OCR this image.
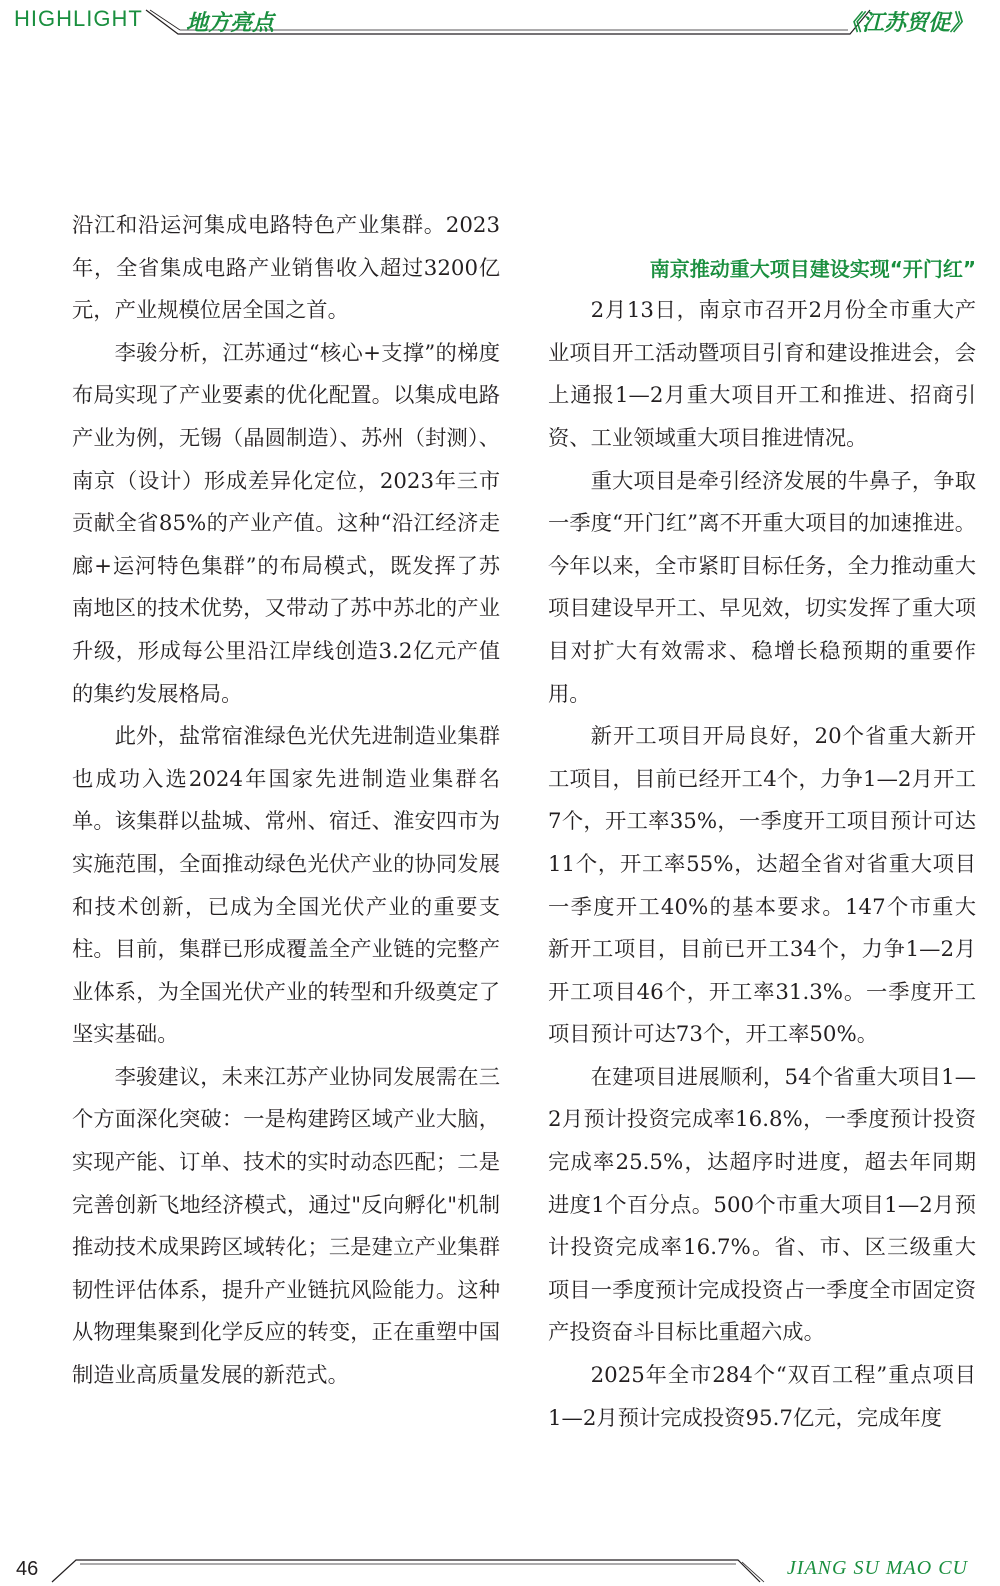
HIGHLIGHT 地方亮点	《江苏贸促》

沿江和沿运河集成电路特色产业集群。2023年，全省集成电路产业销售收入超过3200亿元，产业规模位居全国之首。

李骏分析，江苏通过“核心+支撑”的梯度布局实现了产业要素的优化配置。以集成电路产业为例，无锡（晶圆制造）、苏州（封测）、南京（设计）形成差异化定位，2023年三市贡献全省85%的产业产值。这种“沿江经济走廊+运河特色集群”的布局模式，既发挥了苏南地区的技术优势，又带动了苏中苏北的产业升级，形成每公里沿江岸线创造3.2亿元产值的集约发展格局。

此外，盐常宿淮绿色光伏先进制造业集群也成功入选2024年国家先进制造业集群名单。该集群以盐城、常州、宿迁、淮安四市为实施范围，全面推动绿色光伏产业的协同发展和技术创新，已成为全国光伏产业的重要支柱。目前，集群已形成覆盖全产业链的完整产业体系，为全国光伏产业的转型和升级奠定了坚实基础。

李骏建议，未来江苏产业协同发展需在三个方面深化突破：一是构建跨区域产业大脑，实现产能、订单、技术的实时动态匹配；二是完善创新飞地经济模式，通过"反向孵化"机制推动技术成果跨区域转化；三是建立产业集群韧性评估体系，提升产业链抗风险能力。这种从物理集聚到化学反应的转变，正在重塑中国制造业高质量发展的新范式。

南京推动重大项目建设实现“开门红”

2月13日，南京市召开2月份全市重大产业项目开工活动暨项目引育和建设推进会，会上通报1—2月重大项目开工和推进、招商引资、工业领域重大项目推进情况。

重大项目是牵引经济发展的牛鼻子，争取一季度“开门红”离不开重大项目的加速推进。今年以来，全市紧盯目标任务，全力推动重大项目建设早开工、早见效，切实发挥了重大项目对扩大有效需求、稳增长稳预期的重要作用。

新开工项目开局良好，20个省重大新开工项目，目前已经开工4个，力争1—2月开工7个，开工率35%，一季度开工项目预计可达11个，开工率55%，达超全省对省重大项目一季度开工40%的基本要求。147个市重大新开工项目，目前已开工34个，力争1—2月开工项目46个，开工率31.3%。一季度开工项目预计可达73个，开工率50%。

在建项目进展顺利，54个省重大项目1—2月预计投资完成率16.8%，一季度预计投资完成率25.5%，达超序时进度，超去年同期进度1个百分点。500个市重大项目1—2月预计投资完成率16.7%。省、市、区三级重大项目一季度预计完成投资占一季度全市固定资产投资奋斗目标比重超六成。

2025年全市284个“双百工程”重点项目1—2月预计完成投资95.7亿元，完成年度

46	JIANG SU MAO CU
